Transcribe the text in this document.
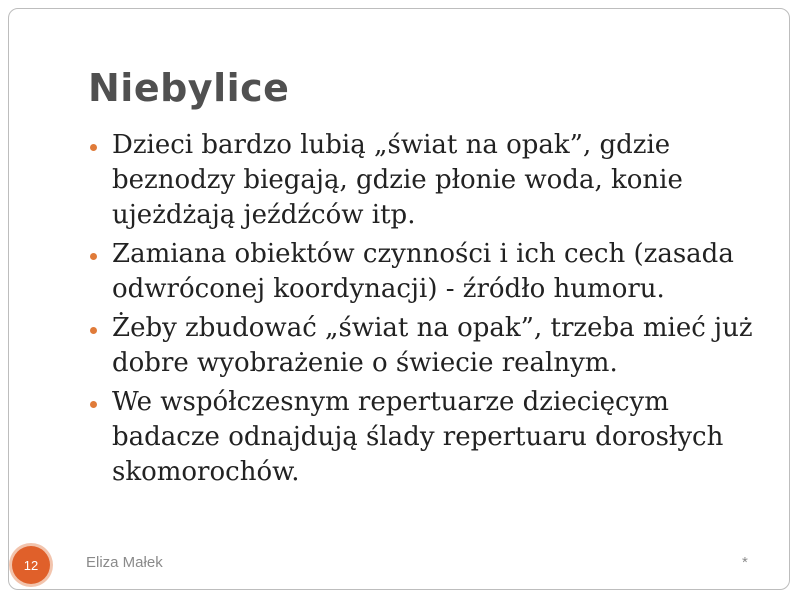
Niebylice
Dzieci bardzo lubią „świat na opak”, gdzie beznodzy biegają, gdzie płonie woda, konie ujeżdżają jeźdźców itp.
Zamiana obiektów czynności i ich cech (zasada odwróconej koordynacji) - źródło humoru.
Żeby zbudować „świat na opak”, trzeba mieć już dobre wyobrażenie o świecie realnym.
We współczesnym repertuarze dziecięcym badacze odnajdują ślady repertuaru dorosłych skomorochów.
12	Eliza Małek	*
